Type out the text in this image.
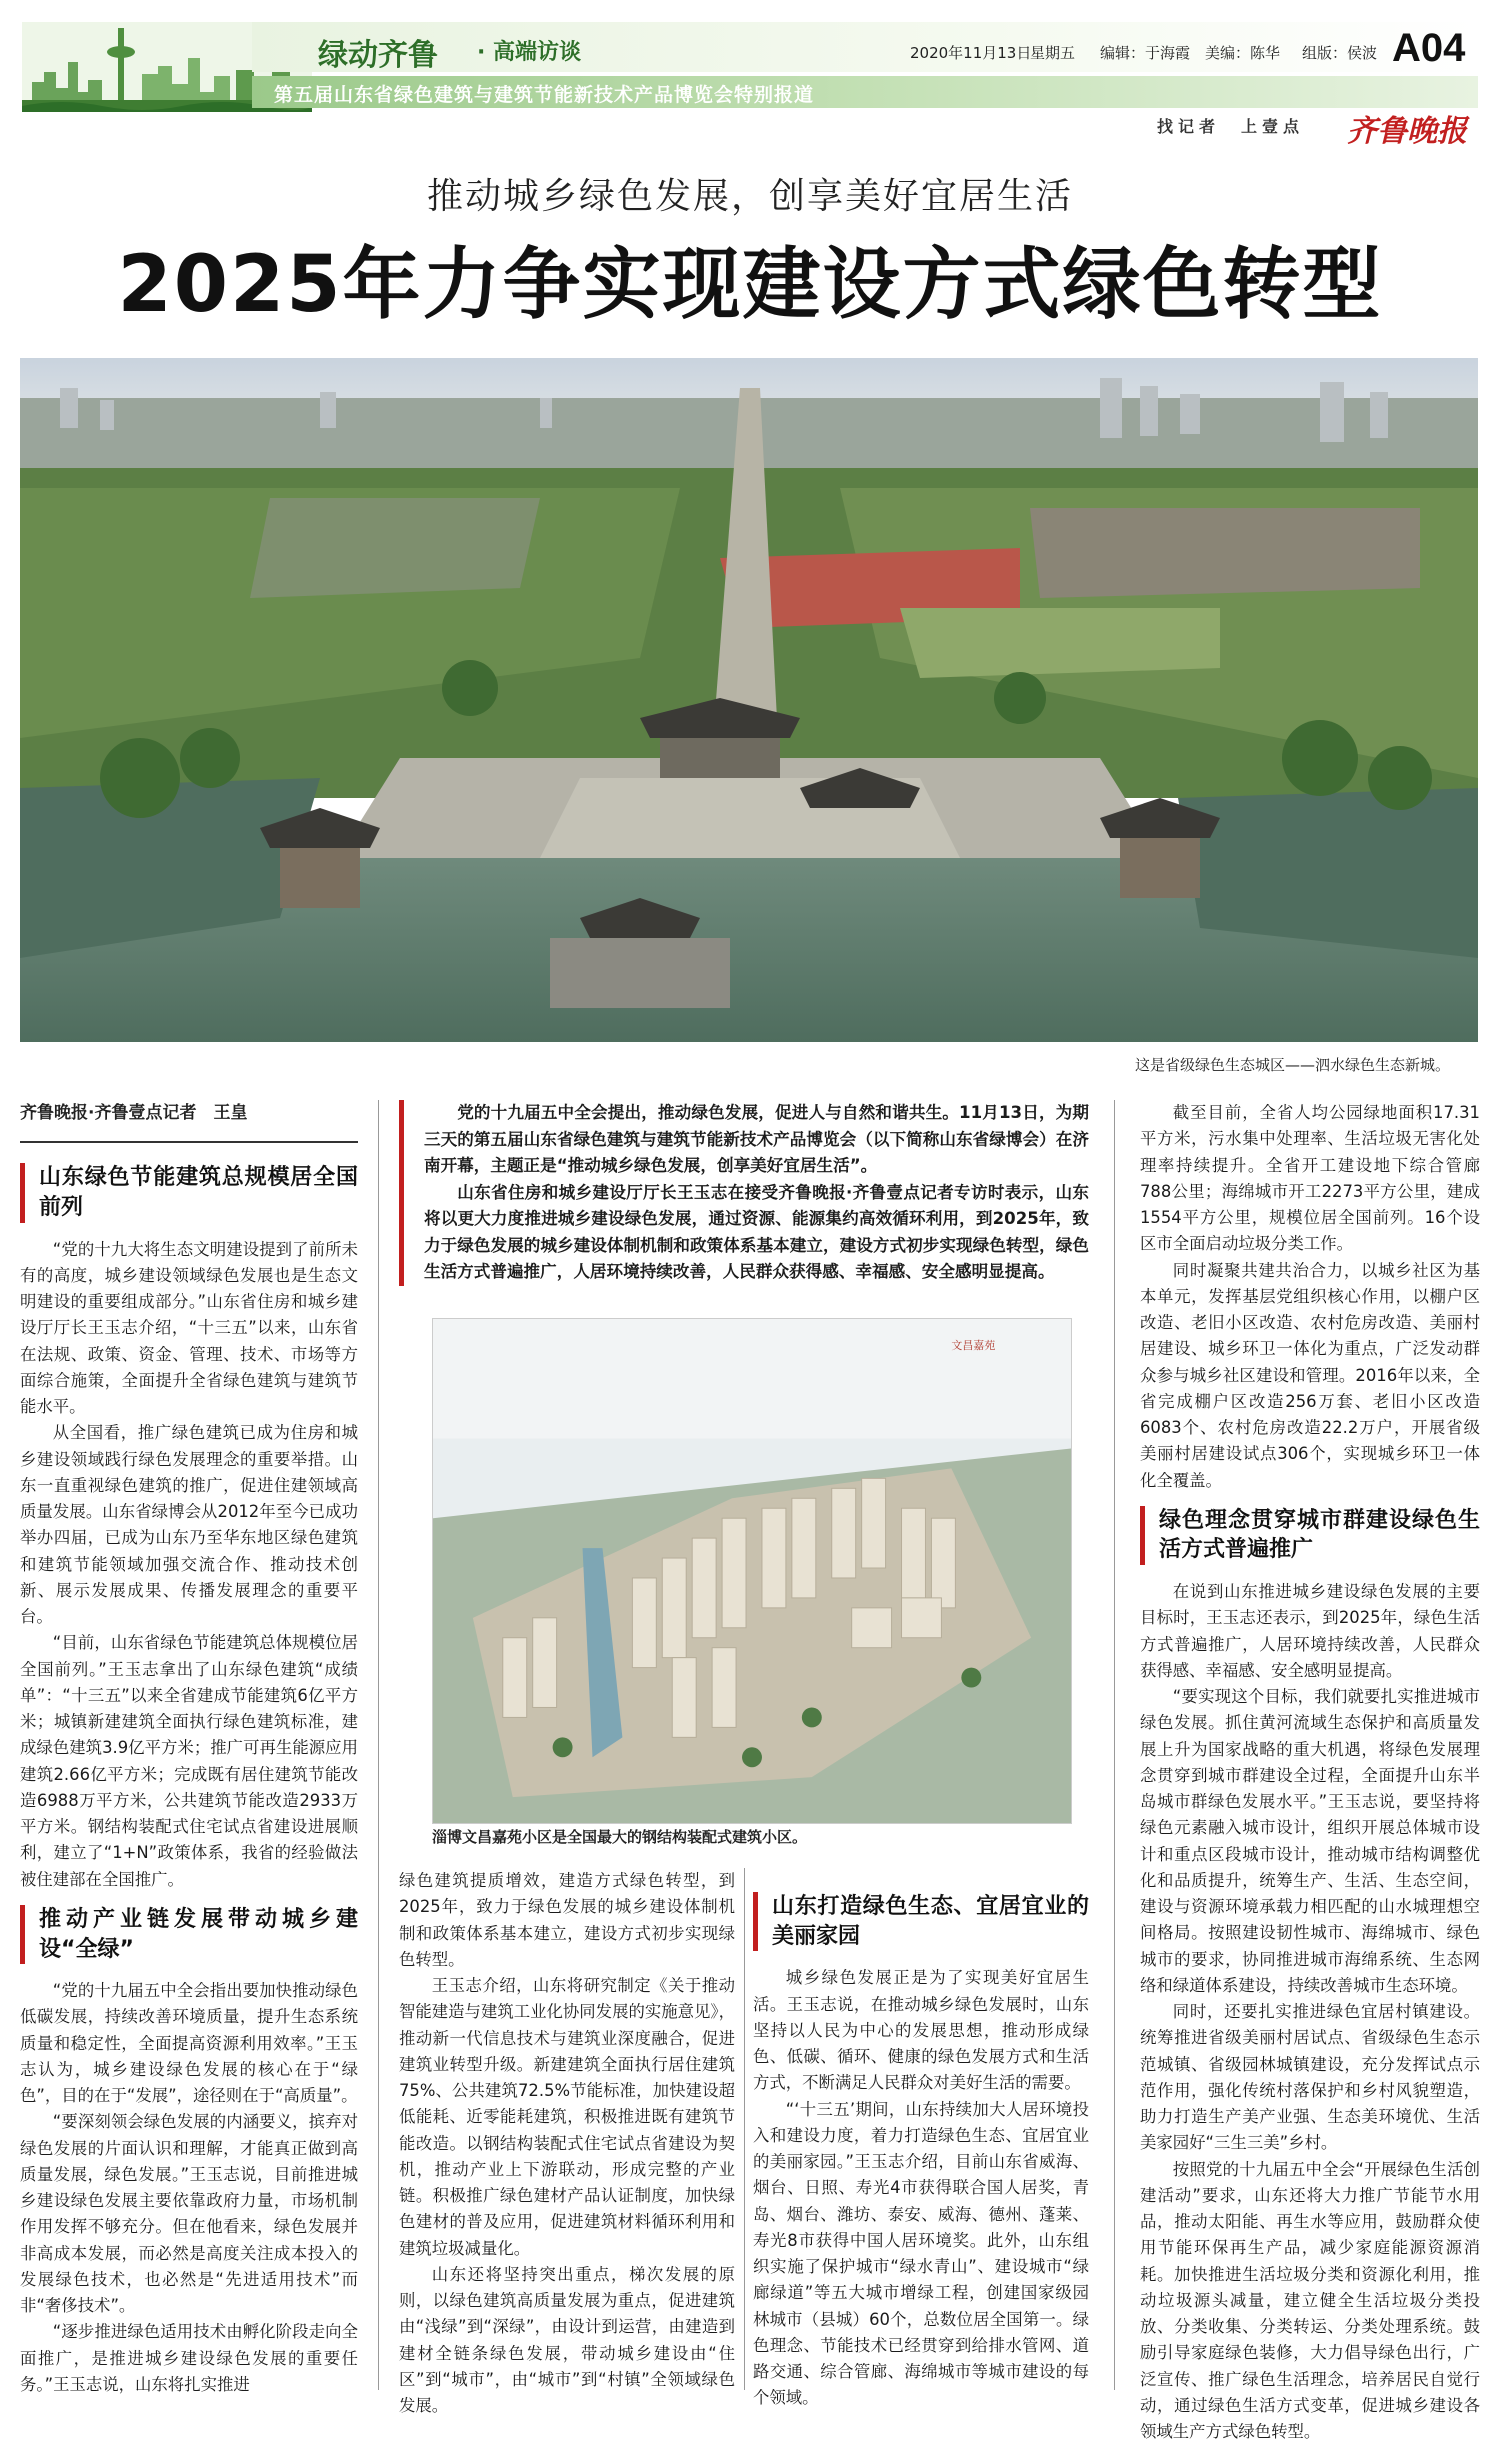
绿动齐鲁 · 高端访谈	2020年11月13日
星期五 编辑：于海霞 美编：陈华 组版：侯波 A04
第五届山东省绿色建筑与建筑节能新技术产品博览会特别报道
找记者　上壹点 齐鲁晚报
推动城乡绿色发展，创享美好宜居生活
2025年力争实现建设方式绿色转型
这是省级绿色生态城区——泗水绿色生态新城。
齐鲁晚报·齐鲁壹点记者　王皇
山东绿色节能建筑总规模居全国前列

“党的十九大将生态文明建设提到了前所未有的高度，城乡建设领域绿色发展也是生态文明建设的重要组成部分。”山东省住房和城乡建设厅厅长王玉志介绍，“十三五”以来，山东省在法规、政策、资金、管理、技术、市场等方面综合施策，全面提升全省绿色建筑与建筑节能水平。

从全国看，推广绿色建筑已成为住房和城乡建设领域践行绿色发展理念的重要举措。山东一直重视绿色建筑的推广，促进住建领域高质量发展。山东省绿博会从2012年至今已成功举办四届，已成为山东乃至华东地区绿色建筑和建筑节能领域加强交流合作、推动技术创新、展示发展成果、传播发展理念的重要平台。

“目前，山东省绿色节能建筑总体规模位居全国前列。”王玉志拿出了山东绿色建筑“成绩单”：“十三五”以来全省建成节能建筑6亿平方米；城镇新建建筑全面执行绿色建筑标准，建成绿色建筑3.9亿平方米；推广可再生能源应用建筑2.66亿平方米；完成既有居住建筑节能改造6988万平方米，公共建筑节能改造2933万平方米。钢结构装配式住宅试点省建设进展顺利，建立了“1+N”政策体系，我省的经验做法被住建部在全国推广。

推动产业链发展带动城乡建设“全绿”

“党的十九届五中全会指出要加快推动绿色低碳发展，持续改善环境质量，提升生态系统质量和稳定性，全面提高资源利用效率。”王玉志认为，城乡建设绿色发展的核心在于“绿色”，目的在于“发展”，途径则在于“高质量”。

“要深刻领会绿色发展的内涵要义，摈弃对绿色发展的片面认识和理解，才能真正做到高质量发展，绿色发展。”王玉志说，目前推进城乡建设绿色发展主要依靠政府力量，市场机制作用发挥不够充分。但在他看来，绿色发展并非高成本发展，而必然是高度关注成本投入的发展绿色技术，也必然是“先进适用技术”而非“奢侈技术”。

“逐步推进绿色适用技术由孵化阶段走向全面推广，是推进城乡建设绿色发展的重要任务。”王玉志说，山东将扎实推进

党的十九届五中全会提出，推动绿色发展，促进人与自然和谐共生。11月13日，为期三天的第五届山东省绿色建筑与建筑节能新技术产品博览会（以下简称山东省绿博会）在济南开幕，主题正是“推动城乡绿色发展，创享美好宜居生活”。

山东省住房和城乡建设厅厅长王玉志在接受齐鲁晚报·齐鲁壹点记者专访时表示，山东将以更大力度推进城乡建设绿色发展，通过资源、能源集约高效循环利用，到2025年，致力于绿色发展的城乡建设体制机制和政策体系基本建立，建设方式初步实现绿色转型，绿色生活方式普遍推广，人居环境持续改善，人民群众获得感、幸福感、安全感明显提高。

文昌嘉苑
淄博文昌嘉苑小区是全国最大的钢结构装配式建筑小区。

绿色建筑提质增效，建造方式绿色转型，到2025年，致力于绿色发展的城乡建设体制机制和政策体系基本建立，建设方式初步实现绿色转型。

王玉志介绍，山东将研究制定《关于推动智能建造与建筑工业化协同发展的实施意见》，推动新一代信息技术与建筑业深度融合，促进建筑业转型升级。新建建筑全面执行居住建筑75%、公共建筑72.5%节能标准，加快建设超低能耗、近零能耗建筑，积极推进既有建筑节能改造。以钢结构装配式住宅试点省建设为契机，推动产业上下游联动，形成完整的产业链。积极推广绿色建材产品认证制度，加快绿色建材的普及应用，促进建筑材料循环利用和建筑垃圾减量化。

山东还将坚持突出重点，梯次发展的原则，以绿色建筑高质量发展为重点，促进建筑由“浅绿”到“深绿”，由设计到运营，由建造到建材全链条绿色发展，带动城乡建设由“住区”到“城市”，由“城市”到“村镇”全领域绿色发展。

山东打造绿色生态、宜居宜业的美丽家园

城乡绿色发展正是为了实现美好宜居生活。王玉志说，在推动城乡绿色发展时，山东坚持以人民为中心的发展思想，推动形成绿色、低碳、循环、健康的绿色发展方式和生活方式，不断满足人民群众对美好生活的需要。

“‘十三五’期间，山东持续加大人居环境投入和建设力度，着力打造绿色生态、宜居宜业的美丽家园。”王玉志介绍，目前山东省威海、烟台、日照、寿光4市获得联合国人居奖，青岛、烟台、潍坊、泰安、威海、德州、蓬莱、寿光8市获得中国人居环境奖。此外，山东组织实施了保护城市“绿水青山”、建设城市“绿廊绿道”等五大城市增绿工程，创建国家级园林城市（县城）60个，总数位居全国第一。绿色理念、节能技术已经贯穿到给排水管网、道路交通、综合管廊、海绵城市等城市建设的每个领域。

截至目前，全省人均公园绿地面积17.31平方米，污水集中处理率、生活垃圾无害化处理率持续提升。全省开工建设地下综合管廊788公里；海绵城市开工2273平方公里，建成1554平方公里，规模位居全国前列。16个设区市全面启动垃圾分类工作。

同时凝聚共建共治合力，以城乡社区为基本单元，发挥基层党组织核心作用，以棚户区改造、老旧小区改造、农村危房改造、美丽村居建设、城乡环卫一体化为重点，广泛发动群众参与城乡社区建设和管理。2016年以来，全省完成棚户区改造256万套、老旧小区改造6083个、农村危房改造22.2万户，开展省级美丽村居建设试点306个，实现城乡环卫一体化全覆盖。

绿色理念贯穿城市群建设绿色生活方式普遍推广

在说到山东推进城乡建设绿色发展的主要目标时，王玉志还表示，到2025年，绿色生活方式普遍推广，人居环境持续改善，人民群众获得感、幸福感、安全感明显提高。

“要实现这个目标，我们就要扎实推进城市绿色发展。抓住黄河流域生态保护和高质量发展上升为国家战略的重大机遇，将绿色发展理念贯穿到城市群建设全过程，全面提升山东半岛城市群绿色发展水平。”王玉志说，要坚持将绿色元素融入城市设计，组织开展总体城市设计和重点区段城市设计，推动城市结构调整优化和品质提升，统筹生产、生活、生态空间，建设与资源环境承载力相匹配的山水城理想空间格局。按照建设韧性城市、海绵城市、绿色城市的要求，协同推进城市海绵系统、生态网络和绿道体系建设，持续改善城市生态环境。

同时，还要扎实推进绿色宜居村镇建设。统筹推进省级美丽村居试点、省级绿色生态示范城镇、省级园林城镇建设，充分发挥试点示范作用，强化传统村落保护和乡村风貌塑造，助力打造生产美产业强、生态美环境优、生活美家园好“三生三美”乡村。

按照党的十九届五中全会“开展绿色生活创建活动”要求，山东还将大力推广节能节水用品，推动太阳能、再生水等应用，鼓励群众使用节能环保再生产品，减少家庭能源资源消耗。加快推进生活垃圾分类和资源化利用，推动垃圾源头减量，建立健全生活垃圾分类投放、分类收集、分类转运、分类处理系统。鼓励引导家庭绿色装修，大力倡导绿色出行，广泛宣传、推广绿色生活理念，培养居民自觉行动，通过绿色生活方式变革，促进城乡建设各领域生产方式绿色转型。
